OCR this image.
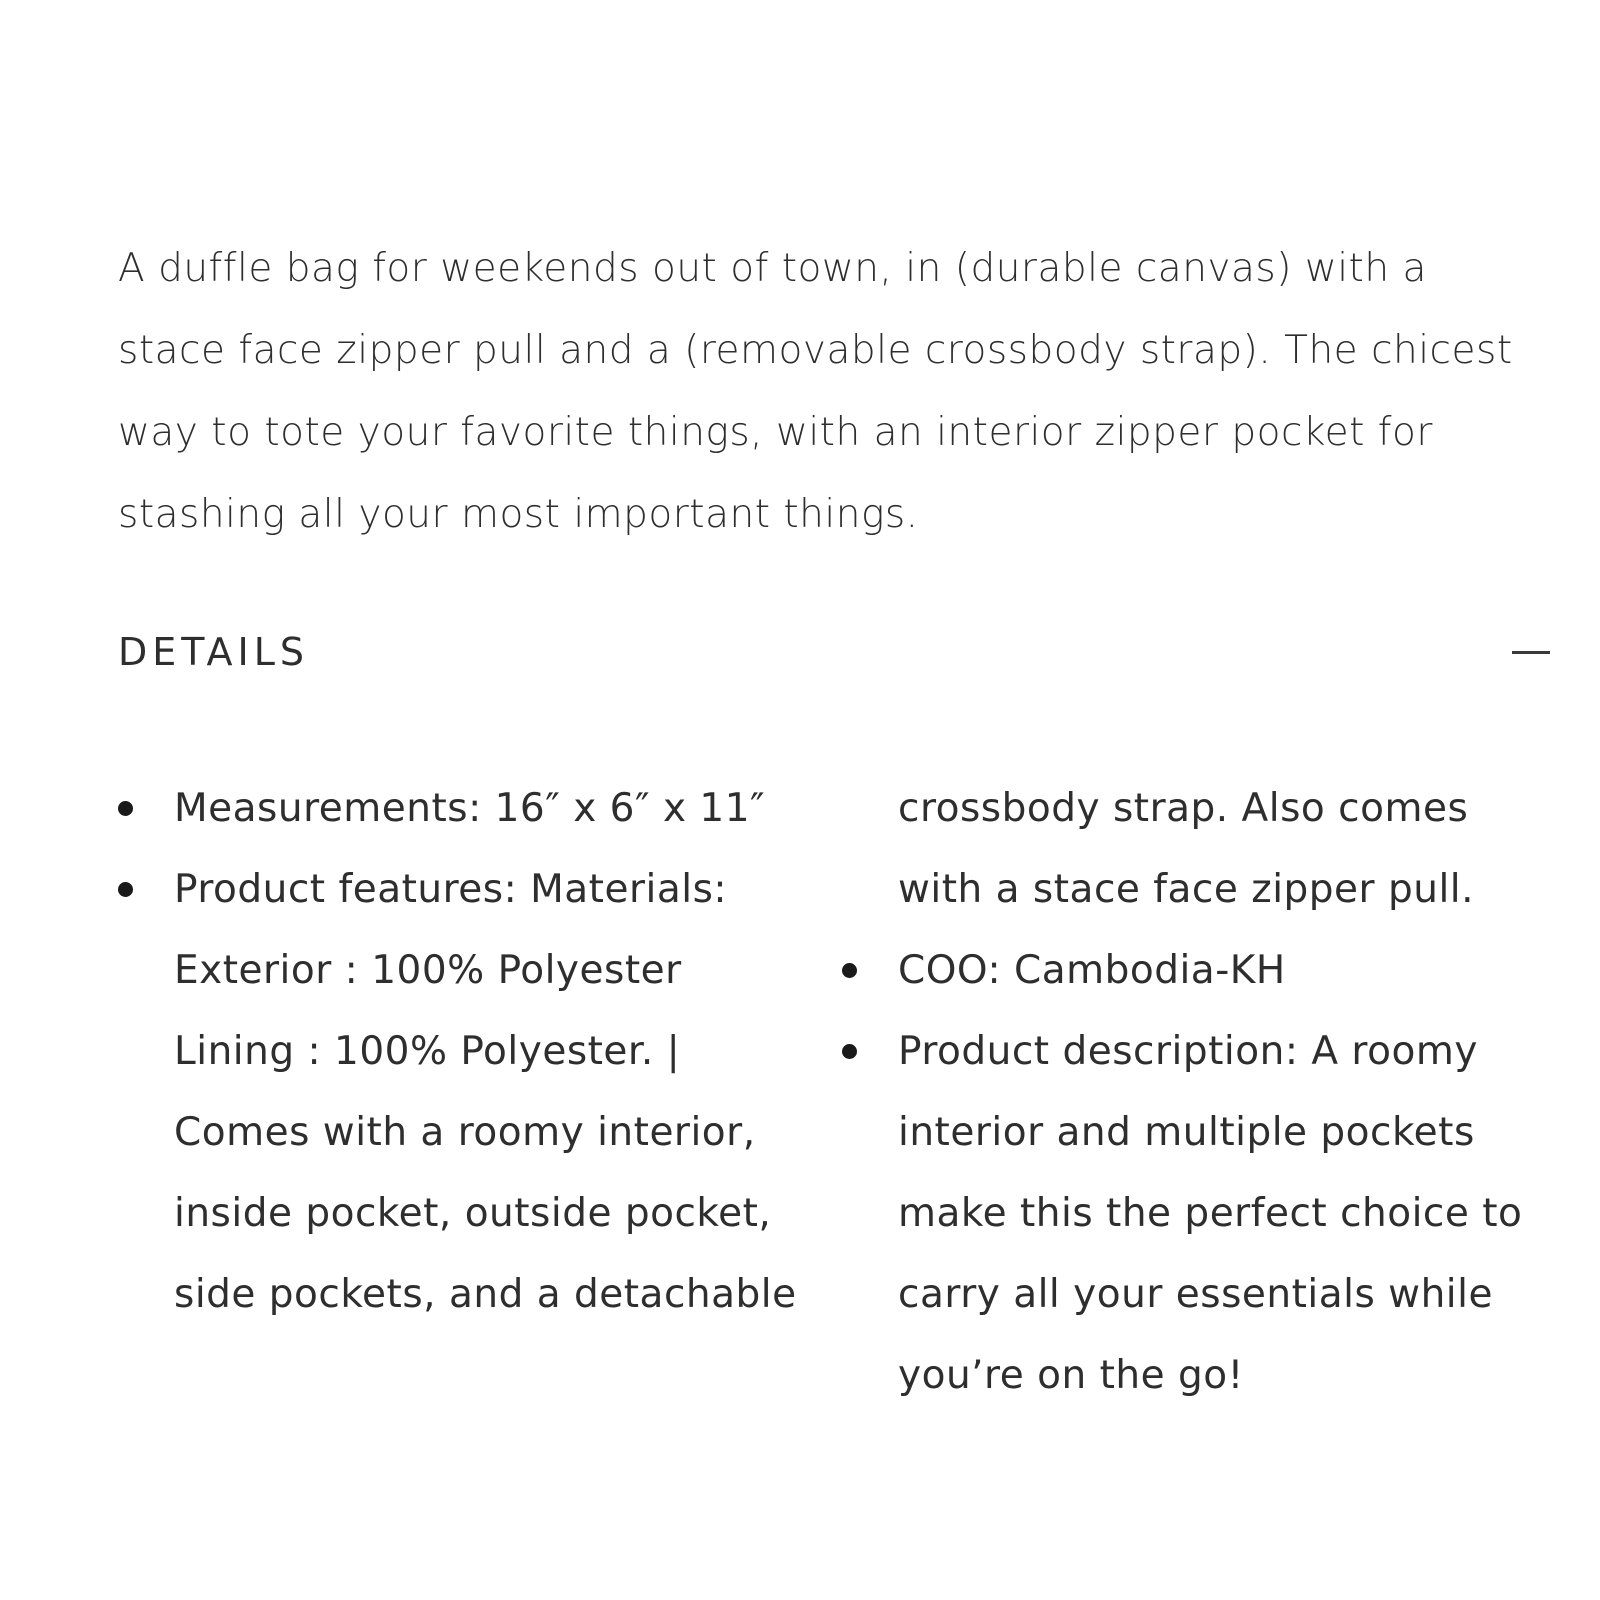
A duffle bag for weekends out of town, in (durable canvas) with a stace face zipper pull and a (removable crossbody strap). The chicest way to tote your favorite things, with an interior zipper pocket for stashing all your most important things.

DETAILS
Measurements: 16″ x 6″ x 11″
Product features: Materials: Exterior : 100% Polyester Lining : 100% Polyester. | Comes with a roomy interior, inside pocket, outside pocket, side pockets, and a detachable crossbody strap. Also comes with a stace face zipper pull.
COO: Cambodia-KH
Product description: A roomy interior and multiple pockets make this the perfect choice to carry all your essentials while you’re on the go!
